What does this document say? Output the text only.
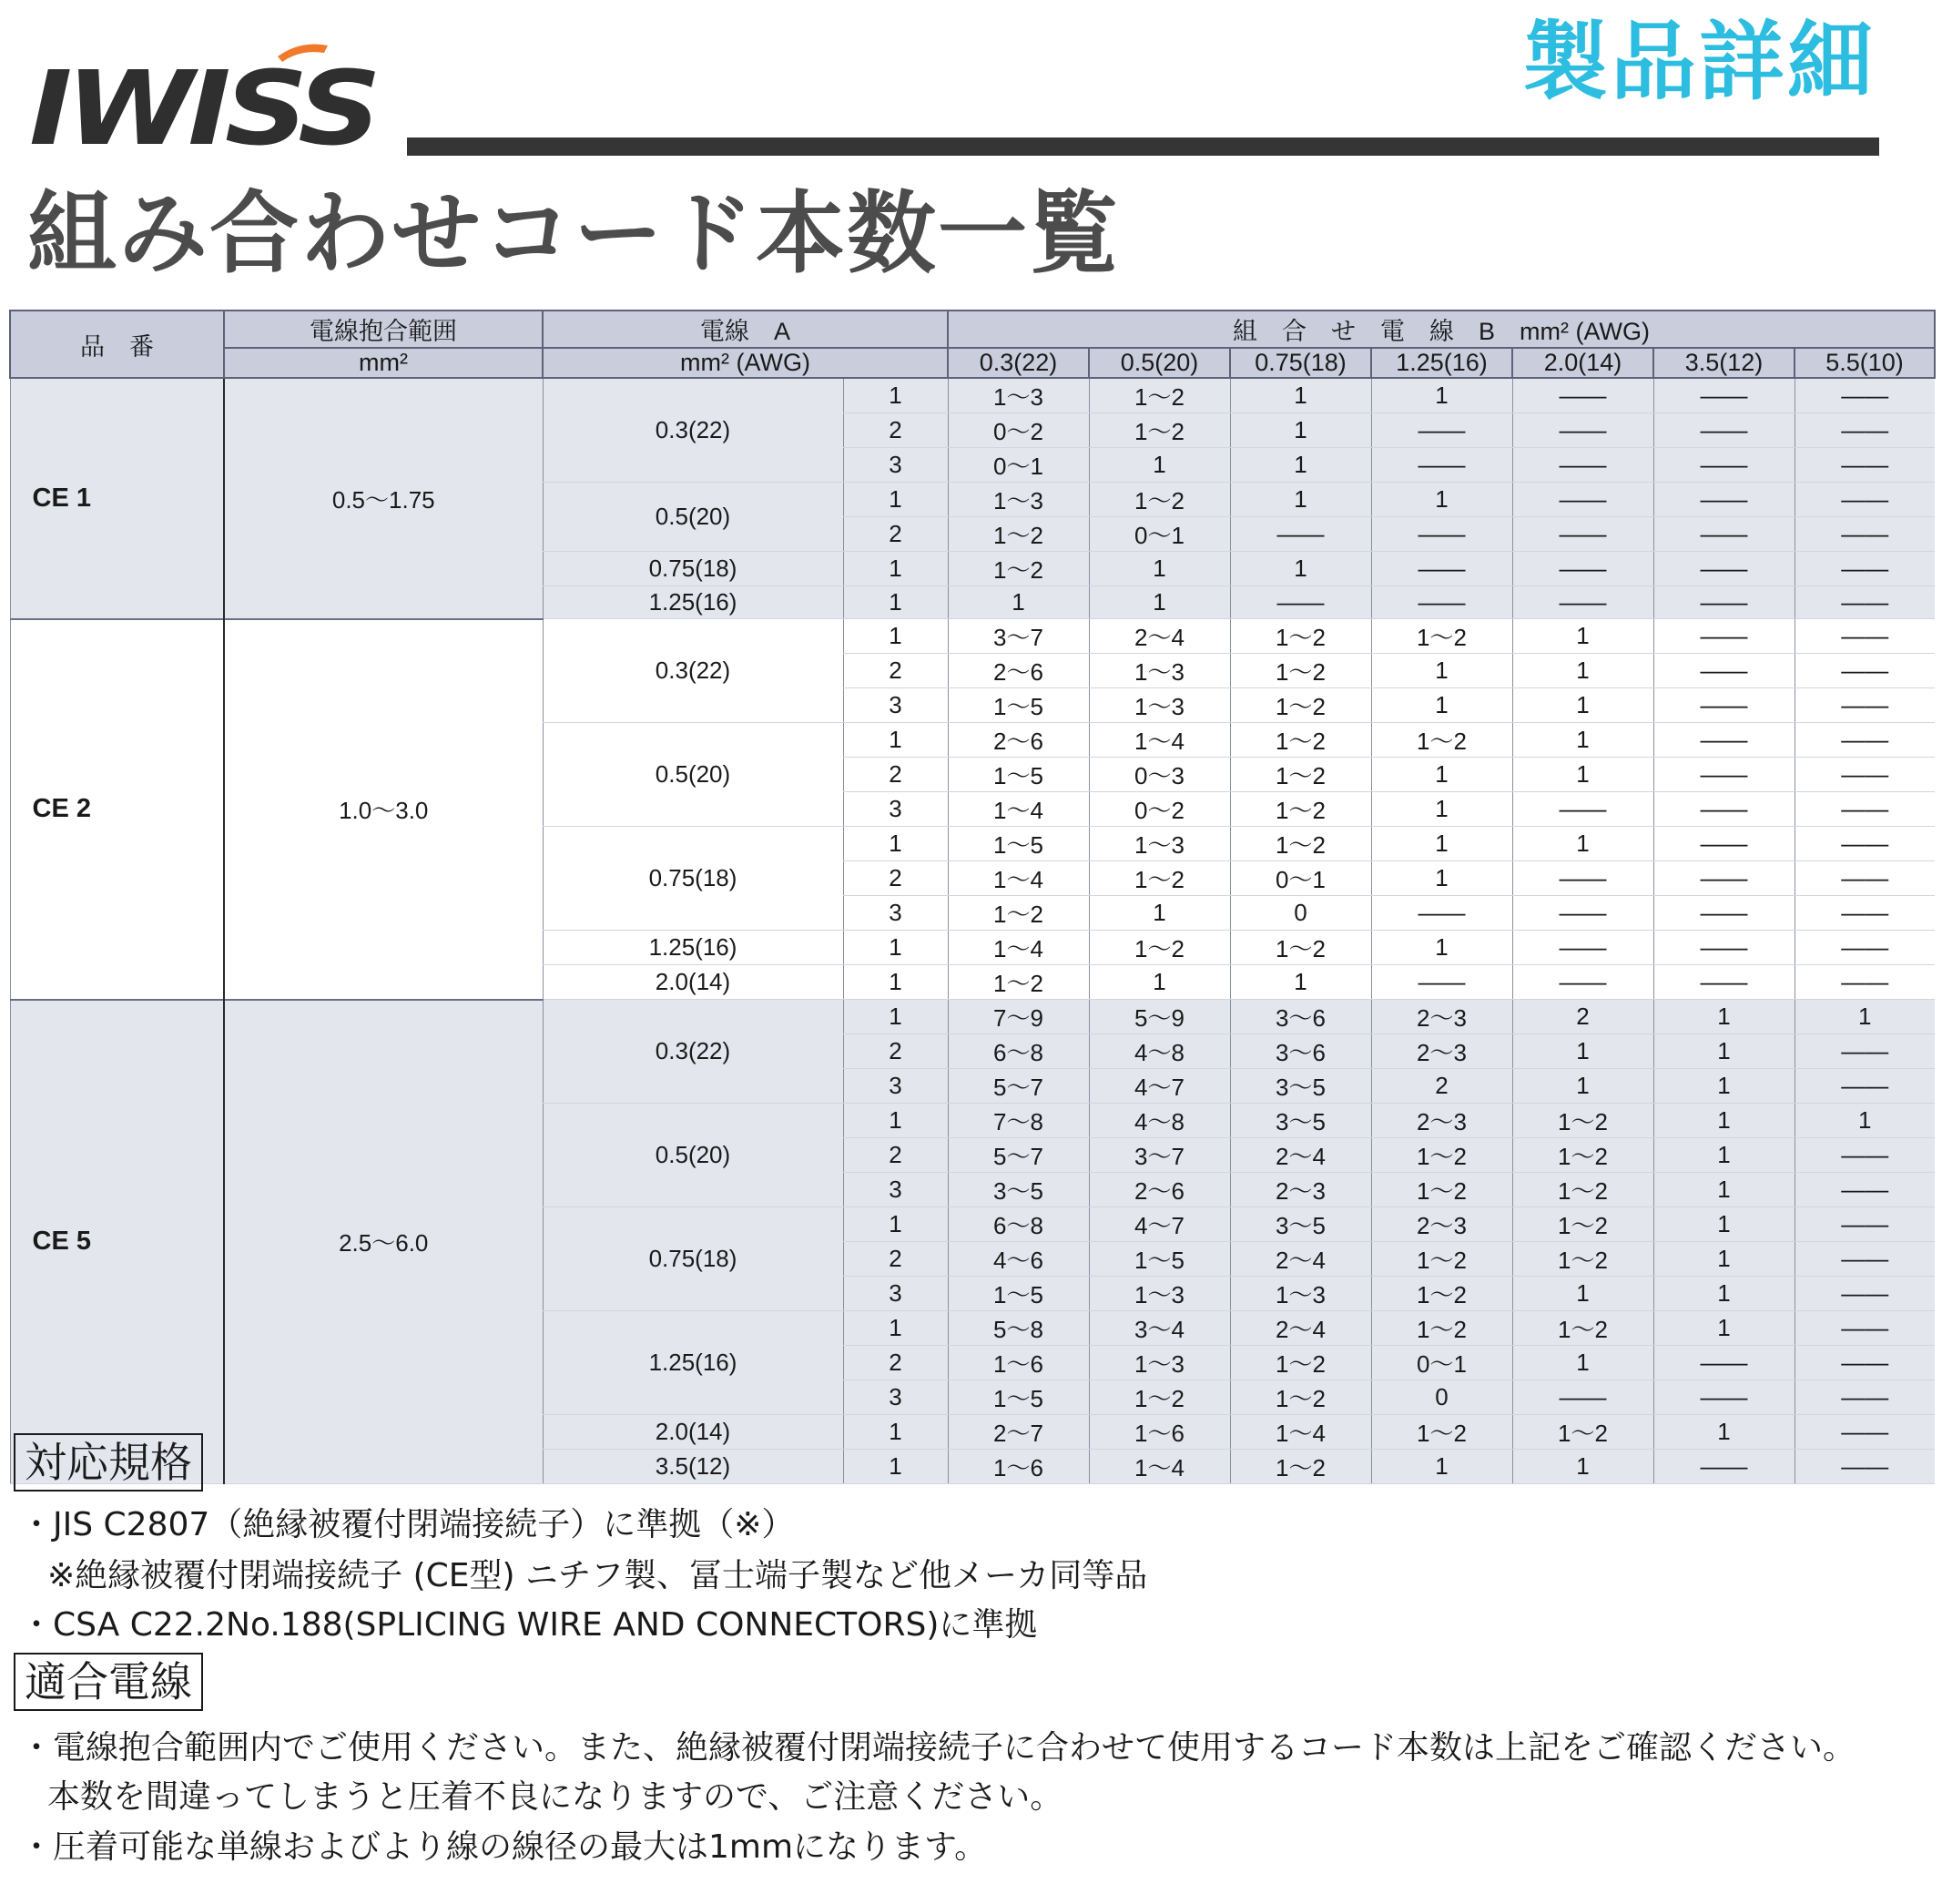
IWISS	製品詳細
組み合わせコード本数一覧
品　番	電線抱合範囲	電線　A		組　合　せ　電　線　B　mm² (AWG)						
	mm²	mm² (AWG)		0.3(22)	0.5(20)	0.75(18)	1.25(16)	2.0(14)	3.5(12)	5.5(10)
CE 1	0.5〜1.75	0.3(22)	1	1〜3	1〜2	1	1	——	——	——
			2	0〜2	1〜2	1	——	——	——	——
			3	0〜1	1	1	——	——	——	——
		0.5(20)	1	1〜3	1〜2	1	1	——	——	——
			2	1〜2	0〜1	——	——	——	——	——
		0.75(18)	1	1〜2	1	1	——	——	——	——
		1.25(16)	1	1	1	——	——	——	——	——
CE 2	1.0〜3.0	0.3(22)	1	3〜7	2〜4	1〜2	1〜2	1	——	——
			2	2〜6	1〜3	1〜2	1	1	——	——
			3	1〜5	1〜3	1〜2	1	1	——	——
		0.5(20)	1	2〜6	1〜4	1〜2	1〜2	1	——	——
			2	1〜5	0〜3	1〜2	1	1	——	——
			3	1〜4	0〜2	1〜2	1	——	——	——
		0.75(18)	1	1〜5	1〜3	1〜2	1	1	——	——
			2	1〜4	1〜2	0〜1	1	——	——	——
			3	1〜2	1	0	——	——	——	——
		1.25(16)	1	1〜4	1〜2	1〜2	1	——	——	——
		2.0(14)	1	1〜2	1	1	——	——	——	——
CE 5	2.5〜6.0	0.3(22)	1	7〜9	5〜9	3〜6	2〜3	2	1	1
			2	6〜8	4〜8	3〜6	2〜3	1	1	——
			3	5〜7	4〜7	3〜5	2	1	1	——
		0.5(20)	1	7〜8	4〜8	3〜5	2〜3	1〜2	1	1
			2	5〜7	3〜7	2〜4	1〜2	1〜2	1	——
			3	3〜5	2〜6	2〜3	1〜2	1〜2	1	——
		0.75(18)	1	6〜8	4〜7	3〜5	2〜3	1〜2	1	——
			2	4〜6	1〜5	2〜4	1〜2	1〜2	1	——
			3	1〜5	1〜3	1〜3	1〜2	1	1	——
		1.25(16)	1	5〜8	3〜4	2〜4	1〜2	1〜2	1	——
			2	1〜6	1〜3	1〜2	0〜1	1	——	——
			3	1〜5	1〜2	1〜2	0	——	——	——
		2.0(14)	1	2〜7	1〜6	1〜4	1〜2	1〜2	1	——
		3.5(12)	1	1〜6	1〜4	1〜2	1	1	——	——
対応規格
・JIS C2807（絶縁被覆付閉端接続子）に準拠（※）
※絶縁被覆付閉端接続子 (CE型) ニチフ製、冨士端子製など他メーカ同等品
・CSA C22.2No.188(SPLICING WIRE AND CONNECTORS)に準拠
適合電線
・電線抱合範囲内でご使用ください。また、絶縁被覆付閉端接続子に合わせて使用するコード本数は上記をご確認ください。
本数を間違ってしまうと圧着不良になりますので、ご注意ください。
・圧着可能な単線およびより線の線径の最大は1mmになります。
